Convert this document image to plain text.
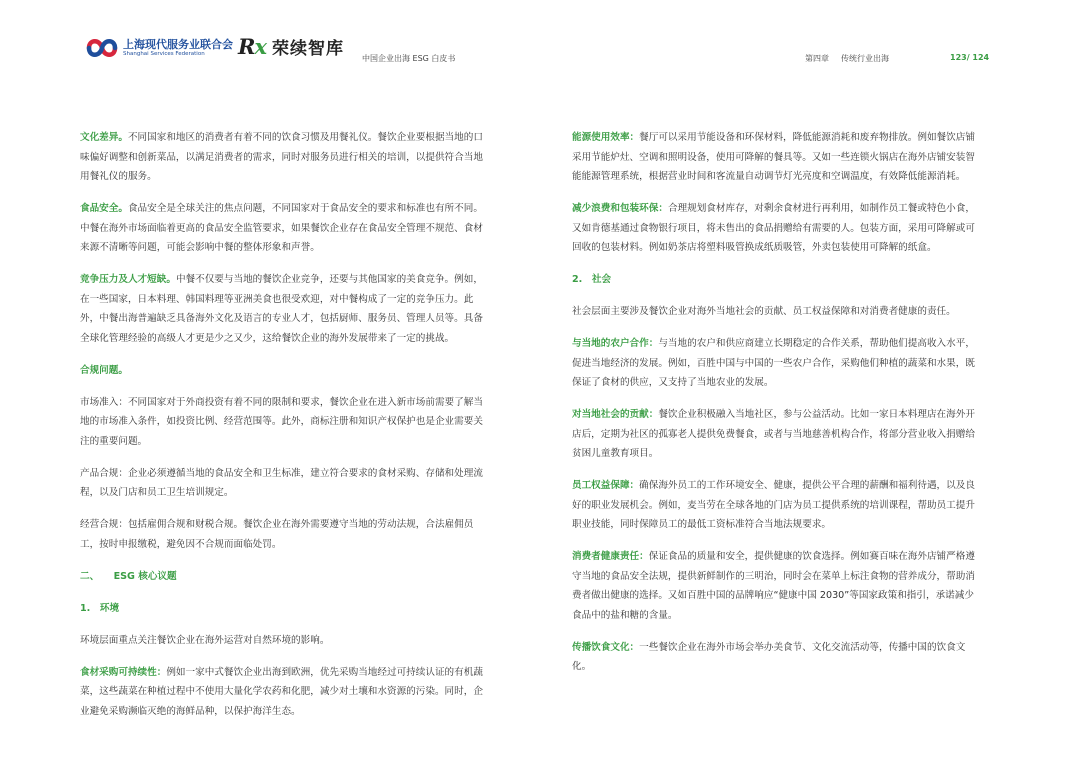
上海现代服务业联合会
Shanghai Services Federation	Rx 荣续智库 中国企业出海 ESG 白皮书	第四章 传统行业出海	123/ 124

文化差异。不同国家和地区的消费者有着不同的饮食习惯及用餐礼仪。餐饮企业要根据当地的口味偏好调整和创新菜品，以满足消费者的需求，同时对服务员进行相关的培训，以提供符合当地用餐礼仪的服务。

食品安全。食品安全是全球关注的焦点问题，不同国家对于食品安全的要求和标准也有所不同。中餐在海外市场面临着更高的食品安全监管要求，如果餐饮企业存在食品安全管理不规范、食材来源不清晰等问题，可能会影响中餐的整体形象和声誉。

竞争压力及人才短缺。中餐不仅要与当地的餐饮企业竞争，还要与其他国家的美食竞争。例如，在一些国家，日本料理、韩国料理等亚洲美食也很受欢迎，对中餐构成了一定的竞争压力。此外，中餐出海普遍缺乏具备海外文化及语言的专业人才，包括厨师、服务员、管理人员等。具备全球化管理经验的高级人才更是少之又少，这给餐饮企业的海外发展带来了一定的挑战。

合规问题。

市场准入：不同国家对于外商投资有着不同的限制和要求，餐饮企业在进入新市场前需要了解当地的市场准入条件，如投资比例、经营范围等。此外，商标注册和知识产权保护也是企业需要关注的重要问题。

产品合规：企业必须遵循当地的食品安全和卫生标准，建立符合要求的食材采购、存储和处理流程，以及门店和员工卫生培训规定。

经营合规：包括雇佣合规和财税合规。餐饮企业在海外需要遵守当地的劳动法规，合法雇佣员工，按时申报缴税，避免因不合规而面临处罚。

二、　　ESG 核心议题
1.　环境

环境层面重点关注餐饮企业在海外运营对自然环境的影响。

食材采购可持续性：例如一家中式餐饮企业出海到欧洲，优先采购当地经过可持续认证的有机蔬菜，这些蔬菜在种植过程中不使用大量化学农药和化肥，减少对土壤和水资源的污染。同时，企业避免采购濒临灭绝的海鲜品种，以保护海洋生态。

能源使用效率：餐厅可以采用节能设备和环保材料，降低能源消耗和废弃物排放。例如餐饮店铺采用节能炉灶、空调和照明设备，使用可降解的餐具等。又如一些连锁火锅店在海外店铺安装智能能源管理系统，根据营业时间和客流量自动调节灯光亮度和空调温度，有效降低能源消耗。

减少浪费和包装环保：合理规划食材库存，对剩余食材进行再利用，如制作员工餐或特色小食，又如肯德基通过食物银行项目，将未售出的食品捐赠给有需要的人。包装方面，采用可降解或可回收的包装材料。例如奶茶店将塑料吸管换成纸质吸管，外卖包装使用可降解的纸盒。

2.　社会

社会层面主要涉及餐饮企业对海外当地社会的贡献、员工权益保障和对消费者健康的责任。

与当地的农户合作：与当地的农户和供应商建立长期稳定的合作关系，帮助他们提高收入水平，促进当地经济的发展。例如，百胜中国与中国的一些农户合作，采购他们种植的蔬菜和水果，既保证了食材的供应，又支持了当地农业的发展。

对当地社会的贡献：餐饮企业积极融入当地社区，参与公益活动。比如一家日本料理店在海外开店后，定期为社区的孤寡老人提供免费餐食，或者与当地慈善机构合作，将部分营业收入捐赠给贫困儿童教育项目。

员工权益保障：确保海外员工的工作环境安全、健康，提供公平合理的薪酬和福利待遇，以及良好的职业发展机会。例如，麦当劳在全球各地的门店为员工提供系统的培训课程，帮助员工提升职业技能，同时保障员工的最低工资标准符合当地法规要求。

消费者健康责任：保证食品的质量和安全，提供健康的饮食选择。例如赛百味在海外店铺严格遵守当地的食品安全法规，提供新鲜制作的三明治，同时会在菜单上标注食物的营养成分，帮助消费者做出健康的选择。又如百胜中国的品牌响应“健康中国 2030”等国家政策和指引，承诺减少食品中的盐和糖的含量。

传播饮食文化：一些餐饮企业在海外市场会举办美食节、文化交流活动等，传播中国的饮食文化。
